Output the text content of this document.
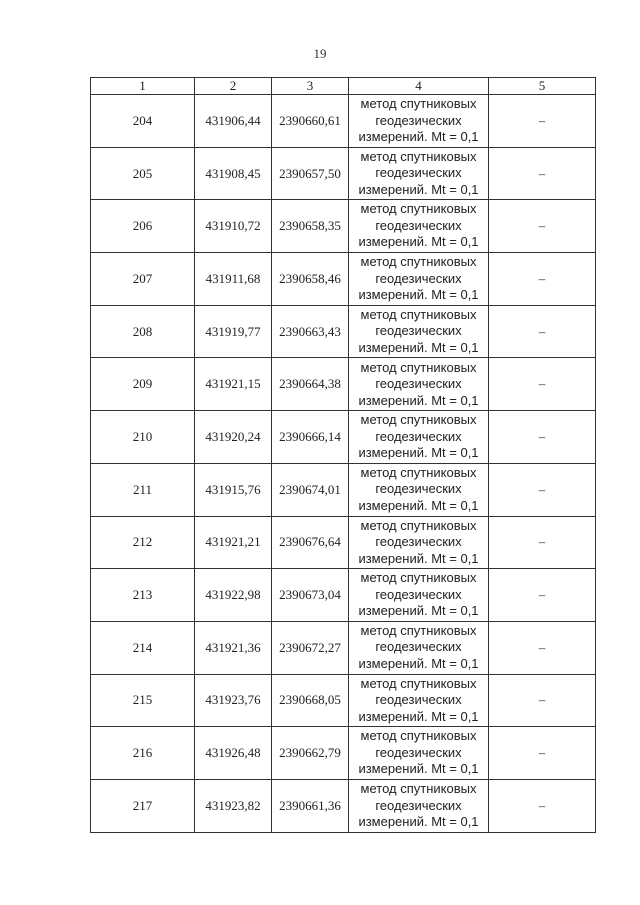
19
1	2	3	4	5
204	431906,44	2390660,61	метод спутниковых
геодезических
измерений. Mt = 0,1	–
205	431908,45	2390657,50	метод спутниковых
геодезических
измерений. Mt = 0,1	–
206	431910,72	2390658,35	метод спутниковых
геодезических
измерений. Mt = 0,1	–
207	431911,68	2390658,46	метод спутниковых
геодезических
измерений. Mt = 0,1	–
208	431919,77	2390663,43	метод спутниковых
геодезических
измерений. Mt = 0,1	–
209	431921,15	2390664,38	метод спутниковых
геодезических
измерений. Mt = 0,1	–
210	431920,24	2390666,14	метод спутниковых
геодезических
измерений. Mt = 0,1	–
211	431915,76	2390674,01	метод спутниковых
геодезических
измерений. Mt = 0,1	–
212	431921,21	2390676,64	метод спутниковых
геодезических
измерений. Mt = 0,1	–
213	431922,98	2390673,04	метод спутниковых
геодезических
измерений. Mt = 0,1	–
214	431921,36	2390672,27	метод спутниковых
геодезических
измерений. Mt = 0,1	–
215	431923,76	2390668,05	метод спутниковых
геодезических
измерений. Mt = 0,1	–
216	431926,48	2390662,79	метод спутниковых
геодезических
измерений. Mt = 0,1	–
217	431923,82	2390661,36	метод спутниковых
геодезических
измерений. Mt = 0,1	–
